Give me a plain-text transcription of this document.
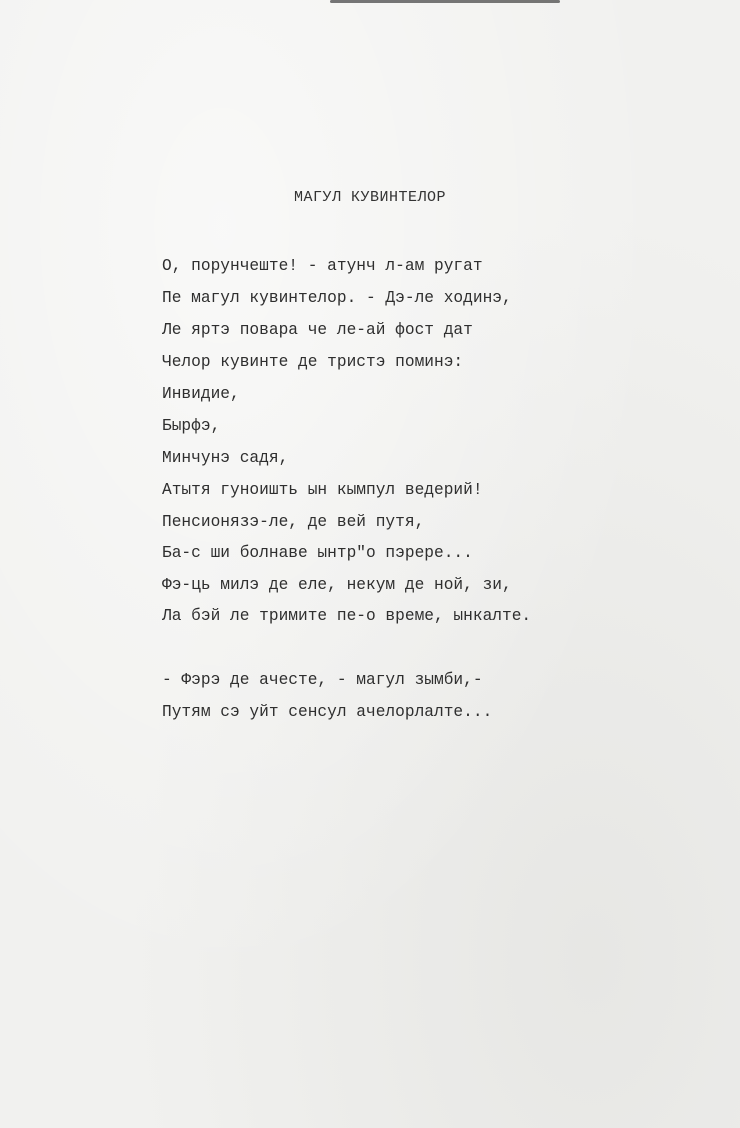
МАГУЛ КУВИНТЕЛОР
О, порунчеште! - атунч л-ам ругат
Пе магул кувинтелор. - Дэ-ле ходинэ,
Ле яртэ повара че ле-ай фост дат
Челор кувинте де тристэ поминэ:
Инвидие,
Бырфэ,
Минчунэ садя,
Атытя гуноишть ын кымпул ведерий!
Пенсионязэ-ле, де вей путя,
Ба-с ши болнаве ынтр"о пэрере...
Фэ-ць милэ де еле, некум де ной, зи,
Ла бэй ле тримите пе-о време, ынкалте.
- Фэрэ де ачесте, - магул зымби,-
Путям сэ уйт сенсул ачелорлалте...
